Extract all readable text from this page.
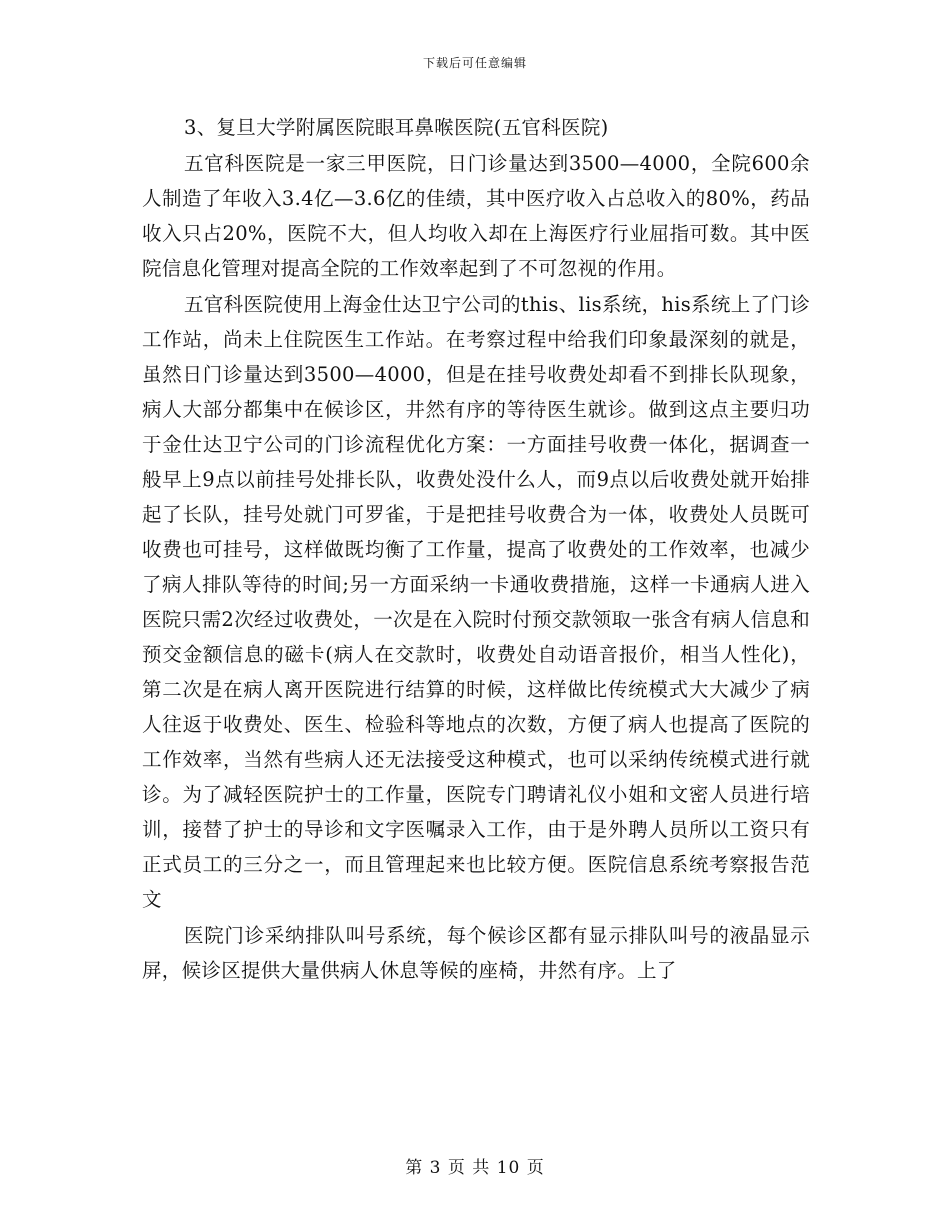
下载后可任意编辑

3、复旦大学附属医院眼耳鼻喉医院(五官科医院)

五官科医院是一家三甲医院，日门诊量达到3500—4000，全院600余人制造了年收入3.4亿—3.6亿的佳绩，其中医疗收入占总收入的80%，药品收入只占20%，医院不大，但人均收入却在上海医疗行业屈指可数。其中医院信息化管理对提高全院的工作效率起到了不可忽视的作用。

五官科医院使用上海金仕达卫宁公司的this、lis系统，his系统上了门诊工作站，尚未上住院医生工作站。在考察过程中给我们印象最深刻的就是，虽然日门诊量达到3500—4000，但是在挂号收费处却看不到排长队现象，病人大部分都集中在候诊区，井然有序的等待医生就诊。做到这点主要归功于金仕达卫宁公司的门诊流程优化方案：一方面挂号收费一体化，据调查一般早上9点以前挂号处排长队，收费处没什么人，而9点以后收费处就开始排起了长队，挂号处就门可罗雀，于是把挂号收费合为一体，收费处人员既可收费也可挂号，这样做既均衡了工作量，提高了收费处的工作效率，也减少了病人排队等待的时间;另一方面采纳一卡通收费措施，这样一卡通病人进入医院只需2次经过收费处，一次是在入院时付预交款领取一张含有病人信息和预交金额信息的磁卡(病人在交款时，收费处自动语音报价，相当人性化)，第二次是在病人离开医院进行结算的时候，这样做比传统模式大大减少了病人往返于收费处、医生、检验科等地点的次数，方便了病人也提高了医院的工作效率，当然有些病人还无法接受这种模式，也可以采纳传统模式进行就诊。为了减轻医院护士的工作量，医院专门聘请礼仪小姐和文密人员进行培训，接替了护士的导诊和文字医嘱录入工作，由于是外聘人员所以工资只有正式员工的三分之一，而且管理起来也比较方便。医院信息系统考察报告范文

医院门诊采纳排队叫号系统，每个候诊区都有显示排队叫号的液晶显示屏，候诊区提供大量供病人休息等候的座椅，井然有序。上了

第 3 页 共 10 页
